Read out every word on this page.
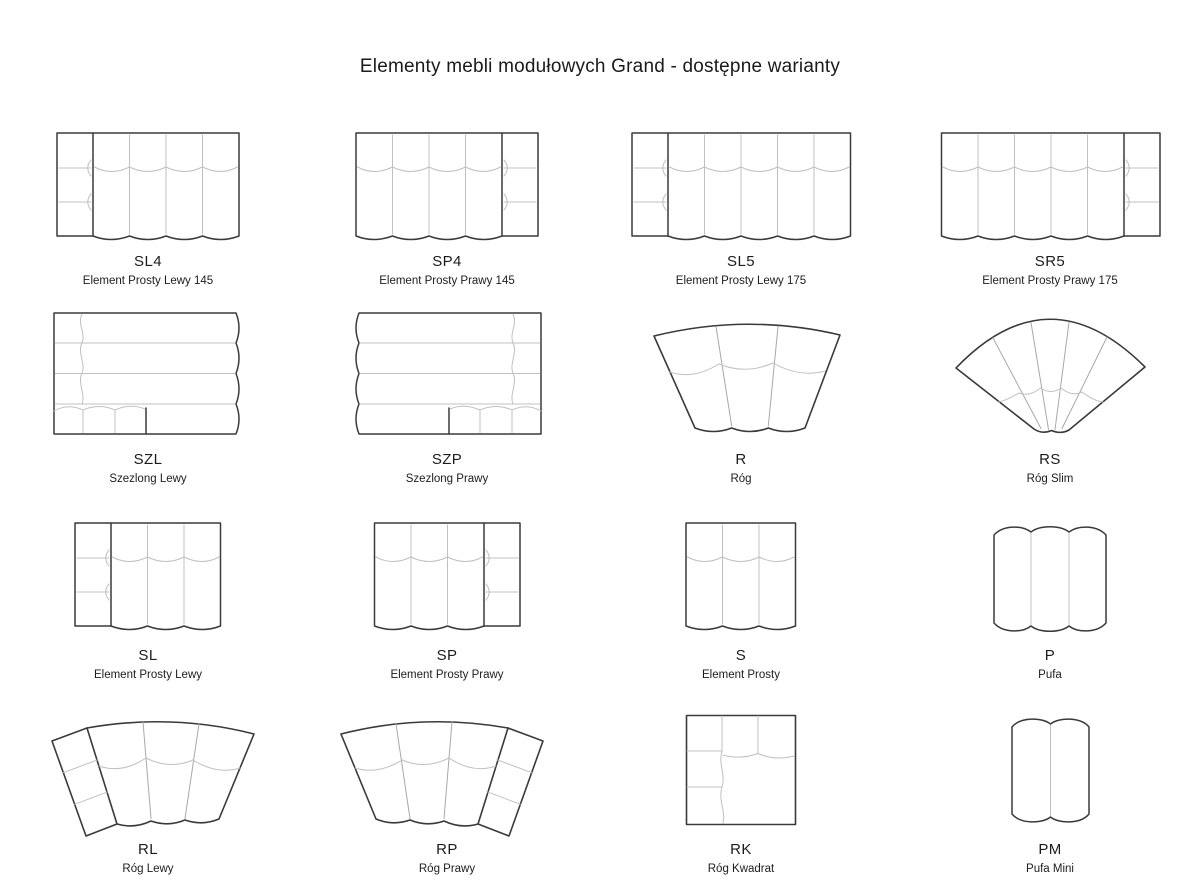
Elementy mebli modułowych Grand - dostępne warianty
SL4
Element Prosty Lewy 145
SP4
Element Prosty Prawy 145
SL5
Element Prosty Lewy 175
SR5
Element Prosty Prawy 175
SZL
Szezlong Lewy
SZP
Szezlong Prawy
R
Róg
RS
Róg Slim
SL
Element Prosty Lewy
SP
Element Prosty Prawy
S
Element Prosty
P
Pufa
RL
Róg Lewy
RP
Róg Prawy
RK
Róg Kwadrat
PM
Pufa Mini
